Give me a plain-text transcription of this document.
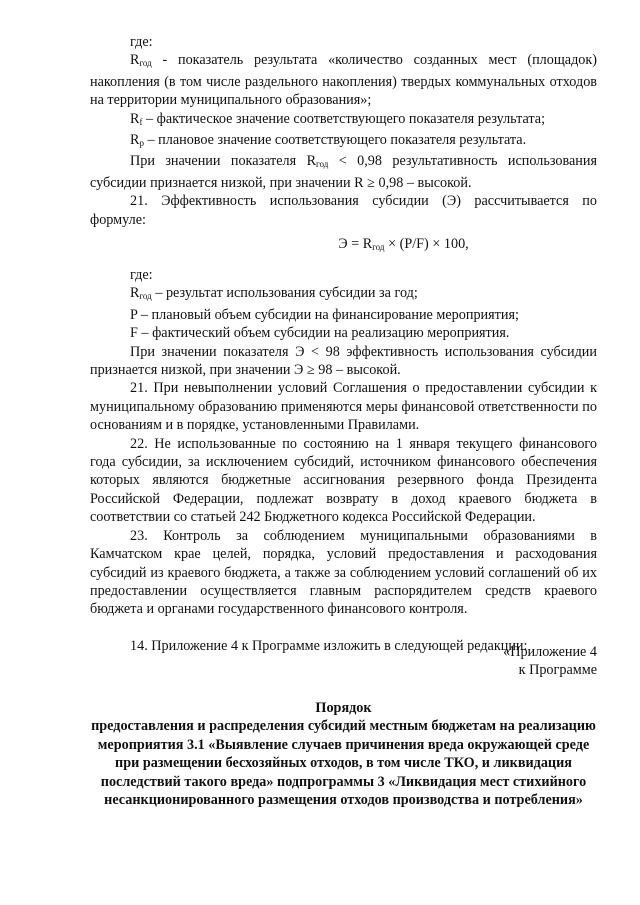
где:

$R_{год}$ - показатель результата «количество созданных мест (площадок) накопления (в том числе раздельного накопления) твердых коммунальных отходов на территории муниципального образования»;

$R_f$ – фактическое значение соответствующего показателя результата;

$R_р$ – плановое значение соответствующего показателя результата.

При значении показателя $R_{год} < 0,98$ результативность использования субсидии признается низкой, при значении R ≥ 0,98 – высокой.

21. Эффективность использования субсидии (Э) рассчитывается по формуле:

$Э = R_{год} \times (P/F) \times 100$,

где:

$R_{год}$ – результат использования субсидии за год;

P – плановый объем субсидии на финансирование мероприятия;

F – фактический объем субсидии на реализацию мероприятия.

При значении показателя Э < 98 эффективность использования субсидии признается низкой, при значении Э ≥ 98 – высокой.

21. При невыполнении условий Соглашения о предоставлении субсидии к муниципальному образованию применяются меры финансовой ответственности по основаниям и в порядке, установленными Правилами.

22. Не использованные по состоянию на 1 января текущего финансового года субсидии, за исключением субсидий, источником финансового обеспечения которых являются бюджетные ассигнования резервного фонда Президента Российской Федерации, подлежат возврату в доход краевого бюджета в соответствии со статьей 242 Бюджетного кодекса Российской Федерации.

23. Контроль за соблюдением муниципальными образованиями в Камчатском крае целей, порядка, условий предоставления и расходования субсидий из краевого бюджета, а также за соблюдением условий соглашений об их предоставлении осуществляется главным распорядителем средств краевого бюджета и органами государственного финансового контроля.

14. Приложение 4 к Программе изложить в следующей редакции:

«Приложение 4

к Программе

Порядок

предоставления и распределения субсидий местным бюджетам на реализацию мероприятия 3.1 «Выявление случаев причинения вреда окружающей среде при размещении бесхозяйных отходов, в том числе ТКО, и ликвидация последствий такого вреда» подпрограммы 3 «Ликвидация мест стихийного несанкционированного размещения отходов производства и потребления»
